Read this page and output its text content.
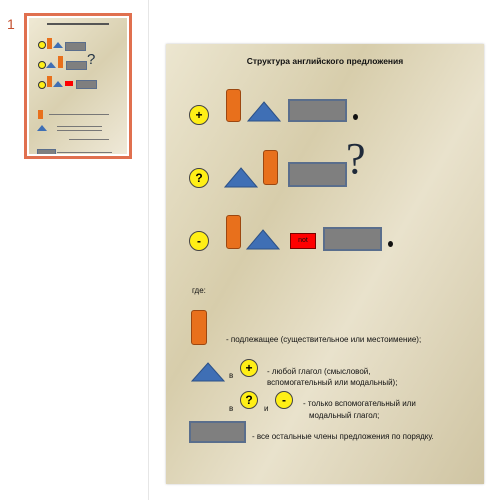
1
?	Структура английского предложения
+
?	?
-	not
где:
- подлежащее (существительное или местоимение);
в
+	- любой глагол (смысловой,
вспомогательный или модальный);
в
?
и
-	- только вспомогательный или
модальный глагол;
- все остальные члены предложения по порядку.
